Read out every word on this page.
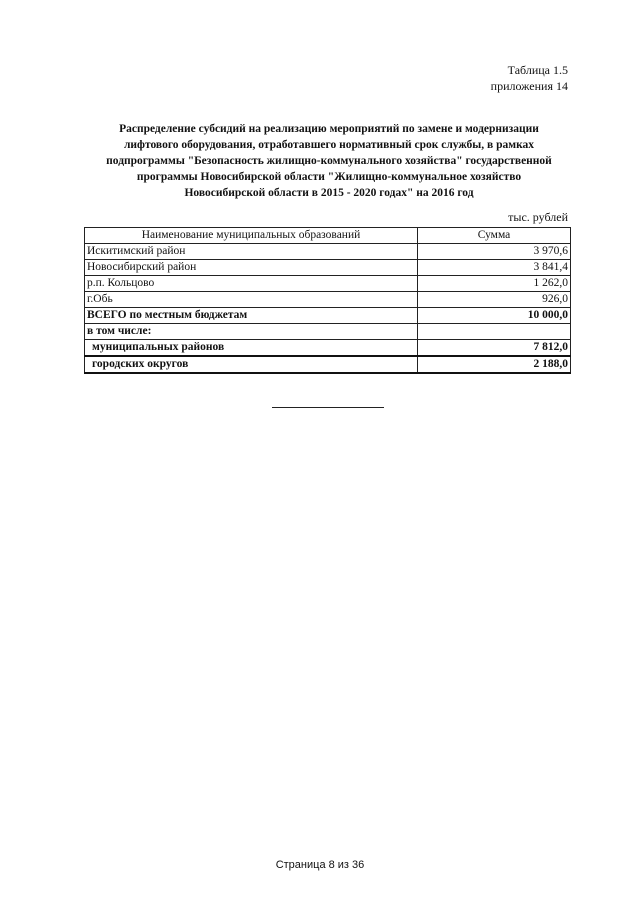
Таблица 1.5
приложения 14
Распределение субсидий на реализацию мероприятий по замене и модернизации
лифтового оборудования, отработавшего нормативный срок службы, в рамках
подпрограммы "Безопасность жилищно-коммунального хозяйства" государственной
программы Новосибирской области "Жилищно-коммунальное хозяйство
Новосибирской области в 2015 - 2020 годах" на 2016 год
тыс. рублей
Наименование муниципальных образований	Сумма
Искитимский район	3 970,6
Новосибирский район	3 841,4
р.п. Кольцово	1 262,0
г.Обь	926,0
ВСЕГО по местным бюджетам	10 000,0
в том числе:	
муниципальных районов	7 812,0
городских округов	2 188,0
Страница 8 из 36
